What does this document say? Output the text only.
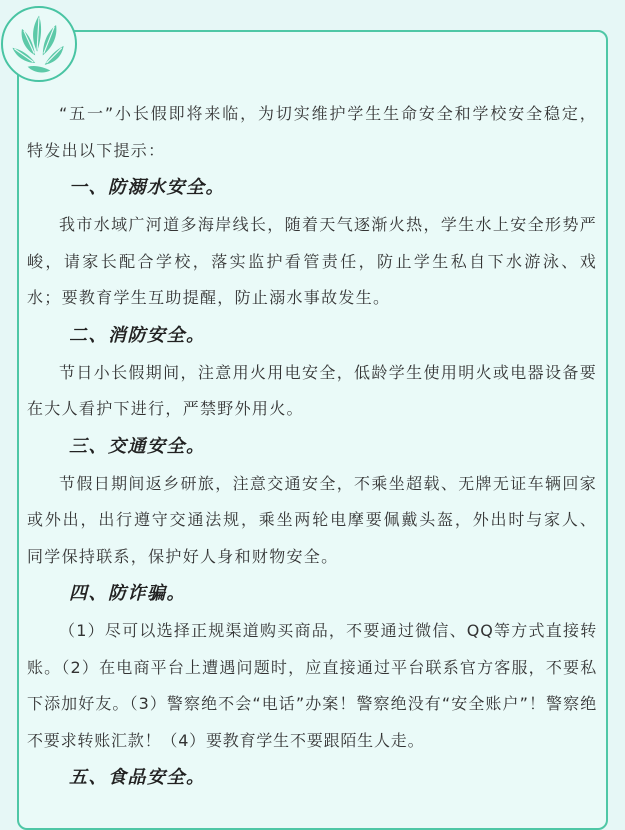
“五一”小长假即将来临，为切实维护学生生命安全和学校安全稳定，特发出以下提示：

一、防溺水安全。

我市水域广河道多海岸线长，随着天气逐渐火热，学生水上安全形势严峻，请家长配合学校，落实监护看管责任，防止学生私自下水游泳、戏水；要教育学生互助提醒，防止溺水事故发生。

二、消防安全。

节日小长假期间，注意用火用电安全，低龄学生使用明火或电器设备要在大人看护下进行，严禁野外用火。

三、交通安全。

节假日期间返乡研旅，注意交通安全，不乘坐超载、无牌无证车辆回家或外出，出行遵守交通法规，乘坐两轮电摩要佩戴头盔，外出时与家人、同学保持联系，保护好人身和财物安全。

四、防诈骗。

（1）尽可以选择正规渠道购买商品，不要通过微信、QQ等方式直接转账。（2）在电商平台上遭遇问题时，应直接通过平台联系官方客服，不要私下添加好友。（3）警察绝不会“电话”办案！警察绝没有“安全账户”！警察绝不要求转账汇款！（4）要教育学生不要跟陌生人走。

五、食品安全。
